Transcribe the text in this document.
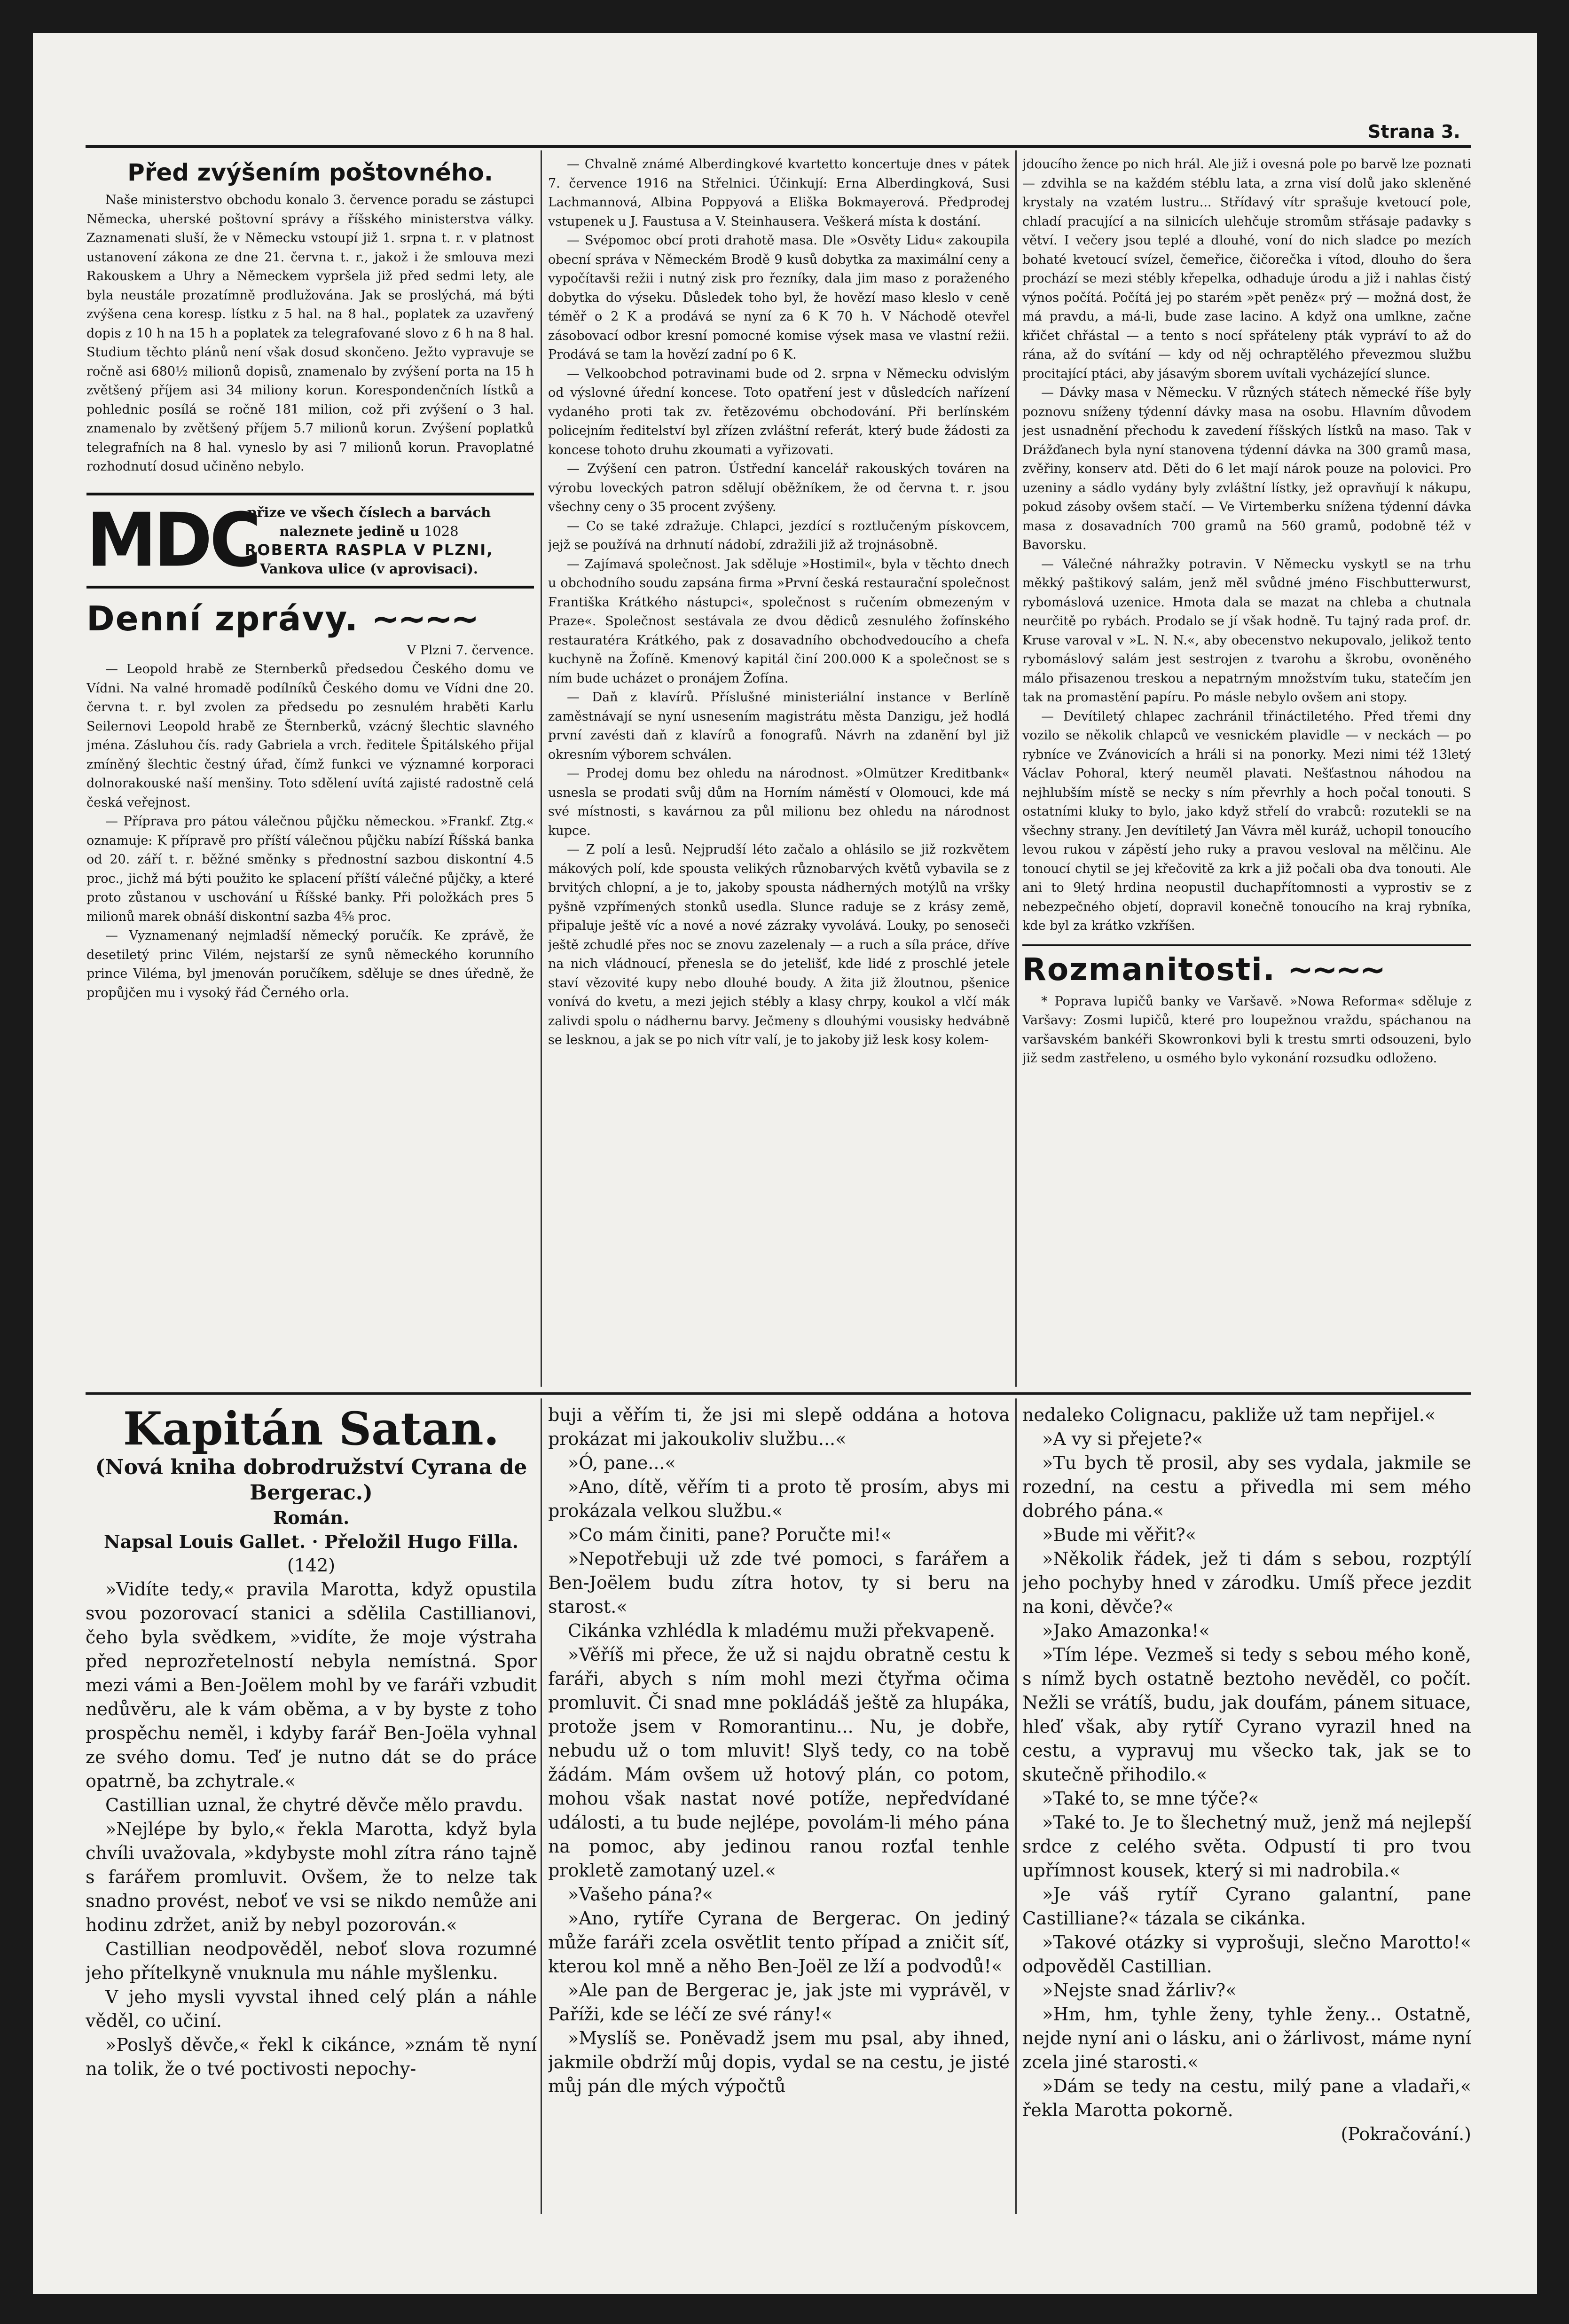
Strana 3.

Před zvýšením poštovného.

Naše ministerstvo obchodu konalo 3. července poradu se zástupci Německa, uherské poštovní správy a říšského ministerstva války. Zaznamenati sluší, že v Německu vstoupí již 1. srpna t. r. v platnost ustanovení zákona ze dne 21. června t. r., jakož i že smlouva mezi Rakouskem a Uhry a Německem vypršela již před sedmi lety, ale byla neustále prozatímně prodlužována. Jak se proslýchá, má býti zvýšena cena koresp. lístku z 5 hal. na 8 hal., poplatek za uzavřený dopis z 10 h na 15 h a poplatek za telegrafované slovo z 6 h na 8 hal. Studium těchto plánů není však dosud skončeno. Ježto vypravuje se ročně asi 680½ milionů dopisů, znamenalo by zvýšení porta na 15 h zvětšený příjem asi 34 miliony korun. Korespondenčních lístků a pohlednic posílá se ročně 181 milion, což při zvýšení o 3 hal. znamenalo by zvětšený příjem 5.7 milionů korun. Zvýšení poplatků telegrafních na 8 hal. vyneslo by asi 7 milionů korun. Pravoplatné rozhodnutí dosud učiněno nebylo.

MDC
přize ve všech číslech a barvách
naleznete jedině u 1028
ROBERTA RASPLA V PLZNI,
Vankova ulice (v aprovisaci).

Denní zprávy. ~~~~

V Plzni 7. července.

— Leopold hrabě ze Sternberků předsedou Českého domu ve Vídni. Na valné hromadě podílníků Českého domu ve Vídni dne 20. června t. r. byl zvolen za předsedu po zesnulém hraběti Karlu Seilernovi Leopold hrabě ze Šternberků, vzácný šlechtic slavného jména. Zásluhou čís. rady Gabriela a vrch. ředitele Špitálského přijal zmíněný šlechtic čestný úřad, čímž funkci ve významné korporaci dolnorakouské naší menšiny. Toto sdělení uvítá zajisté radostně celá česká veřejnost.

— Příprava pro pátou válečnou půjčku německou. »Frankf. Ztg.« oznamuje: K přípravě pro příští válečnou půjčku nabízí Říšská banka od 20. září t. r. běžné směnky s přednostní sazbou diskontní 4.5 proc., jichž má býti použito ke splacení příští válečné půjčky, a které proto zůstanou v uschování u Říšské banky. Při položkách pres 5 milionů marek obnáší diskontní sazba 4⅝ proc.

— Vyznamenaný nejmladší německý poručík. Ke zprávě, že desetiletý princ Vilém, nejstarší ze synů německého korunního prince Viléma, byl jmenován poručíkem, sděluje se dnes úředně, že propůjčen mu i vysoký řád Černého orla.

— Chvalně známé Alberdingkové kvartetto koncertuje dnes v pátek 7. července 1916 na Střelnici. Účinkují: Erna Alberdingková, Susi Lachmannová, Albina Poppyová a Eliška Bokmayerová. Předprodej vstupenek u J. Faustusa a V. Steinhausera. Veškerá místa k dostání.

— Svépomoc obcí proti drahotě masa. Dle »Osvěty Lidu« zakoupila obecní správa v Německém Brodě 9 kusů dobytka za maximální ceny a vypočítavši režii i nutný zisk pro řezníky, dala jim maso z poraženého dobytka do výseku. Důsledek toho byl, že hovězí maso kleslo v ceně téměř o 2 K a prodává se nyní za 6 K 70 h. V Náchodě otevřel zásobovací odbor kresní pomocné komise výsek masa ve vlastní režii. Prodává se tam la hovězí zadní po 6 K.

— Velkoobchod potravinami bude od 2. srpna v Německu odvislým od výslovné úřední koncese. Toto opatření jest v důsledcích nařízení vydaného proti tak zv. řetězovému obchodování. Při berlínském policejním ředitelství byl zřízen zvláštní referát, který bude žádosti za koncese tohoto druhu zkoumati a vyřizovati.

— Zvýšení cen patron. Ústřední kancelář rakouských továren na výrobu loveckých patron sdělují oběžníkem, že od června t. r. jsou všechny ceny o 35 procent zvýšeny.

— Co se také zdražuje. Chlapci, jezdící s roztlučeným pískovcem, jejž se používá na drhnutí nádobí, zdražili již až trojnásobně.

— Zajímavá společnost. Jak sděluje »Hostimil«, byla v těchto dnech u obchodního soudu zapsána firma »První česká restaurační společnost Františka Krátkého nástupci«, společnost s ručením obmezeným v Praze«. Společnost sestávala ze dvou dědiců zesnulého žofínského restauratéra Krátkého, pak z dosavadního obchodvedoucího a chefa kuchyně na Žofíně. Kmenový kapitál činí 200.000 K a společnost se s ním bude ucházet o pronájem Žofína.

— Daň z klavírů. Příslušné ministeriální instance v Berlíně zaměstnávají se nyní usnesením magistrátu města Danzigu, jež hodlá první zavésti daň z klavírů a fonografů. Návrh na zdanění byl již okresním výborem schválen.

— Prodej domu bez ohledu na národnost. »Olmützer Kreditbank« usnesla se prodati svůj dům na Horním náměstí v Olomouci, kde má své místnosti, s kavárnou za půl milionu bez ohledu na národnost kupce.

— Z polí a lesů. Nejprudší léto začalo a ohlásilo se již rozkvětem mákových polí, kde spousta velikých různobarvých květů vybavila se z brvitých chlopní, a je to, jakoby spousta nádherných motýlů na vršky pyšně vzpřímených stonků usedla. Slunce raduje se z krásy země, připaluje ještě víc a nové a nové zázraky vyvolává. Louky, po senoseči ještě zchudlé přes noc se znovu zazelenaly — a ruch a síla práce, dříve na nich vládnoucí, přenesla se do jetelišť, kde lidé z proschlé jetele staví vězovité kupy nebo dlouhé boudy. A žita již žloutnou, pšenice vonívá do kvetu, a mezi jejich stébly a klasy chrpy, koukol a vlčí mák zalivdi spolu o nádhernu barvy. Ječmeny s dlouhými vousisky hedvábně se lesknou, a jak se po nich vítr valí, je to jakoby již lesk kosy kolem-

jdoucího žence po nich hrál. Ale již i ovesná pole po barvě lze poznati — zdvihla se na každém stéblu lata, a zrna visí dolů jako skleněné krystaly na vzatém lustru... Střídavý vítr sprašuje kvetoucí pole, chladí pracující a na silnicích ulehčuje stromům střásaje padavky s větví. I večery jsou teplé a dlouhé, voní do nich sladce po mezích bohaté kvetoucí svízel, čemeřice, čičorečka i vítod, dlouho do šera prochází se mezi stébly křepelka, odhaduje úrodu a již i nahlas čistý výnos počítá. Počítá jej po starém »pět peněz« prý — možná dost, že má pravdu, a má-li, bude zase lacino. A když ona umlkne, začne křičet chřástal — a tento s nocí spřáteleny pták vypráví to až do rána, až do svítání — kdy od něj ochraptělého převezmou službu procitající ptáci, aby jásavým sborem uvítali vycházející slunce.

— Dávky masa v Německu. V různých státech německé říše byly poznovu sníženy týdenní dávky masa na osobu. Hlavním důvodem jest usnadnění přechodu k zavedení říšských lístků na maso. Tak v Drážďanech byla nyní stanovena týdenní dávka na 300 gramů masa, zvěřiny, konserv atd. Děti do 6 let mají nárok pouze na polovici. Pro uzeniny a sádlo vydány byly zvláštní lístky, jež opravňují k nákupu, pokud zásoby ovšem stačí. — Ve Virtemberku snížena týdenní dávka masa z dosavadních 700 gramů na 560 gramů, podobně též v Bavorsku.

— Válečné náhražky potravin. V Německu vyskytl se na trhu měkký paštikový salám, jenž měl svůdné jméno Fischbutterwurst, rybomáslová uzenice. Hmota dala se mazat na chleba a chutnala neurčitě po rybách. Prodalo se jí však hodně. Tu tajný rada prof. dr. Kruse varoval v »L. N. N.«, aby obecenstvo nekupovalo, jelikož tento rybomáslový salám jest sestrojen z tvarohu a škrobu, ovoněného málo přisazenou treskou a nepatrným množstvím tuku, statečím jen tak na promastění papíru. Po másle nebylo ovšem ani stopy.

— Devítiletý chlapec zachránil třináctiletého. Před třemi dny vozilo se několik chlapců ve vesnickém plavidle — v neckách — po rybníce ve Zvánovicích a hráli si na ponorky. Mezi nimi též 13letý Václav Pohoral, který neuměl plavati. Nešťastnou náhodou na nejhlubším místě se necky s ním převrhly a hoch počal tonouti. S ostatními kluky to bylo, jako když střelí do vrabců: rozutekli se na všechny strany. Jen devítiletý Jan Vávra měl kuráž, uchopil tonoucího levou rukou v zápěstí jeho ruky a pravou vesloval na mělčinu. Ale tonoucí chytil se jej křečovitě za krk a již počali oba dva tonouti. Ale ani to 9letý hrdina neopustil duchapřítomnosti a vyprostiv se z nebezpečného objetí, dopravil konečně tonoucího na kraj rybníka, kde byl za krátko vzkříšen.

Rozmanitosti. ~~~~

* Poprava lupičů banky ve Varšavě. »Nowa Reforma« sděluje z Varšavy: Zosmi lupičů, které pro loupežnou vraždu, spáchanou na varšavském bankéři Skowronkovi byli k trestu smrti odsouzeni, bylo již sedm zastřeleno, u osmého bylo vykonání rozsudku odloženo.

Kapitán Satan.

(Nová kniha dobrodružství Cyrana de Bergerac.)

Román.

Napsal Louis Gallet. · Přeložil Hugo Filla.

(142)

»Vidíte tedy,« pravila Marotta, když opustila svou pozorovací stanici a sdělila Castillianovi, čeho byla svědkem, »vidíte, že moje výstraha před neprozřetelností nebyla nemístná. Spor mezi vámi a Ben-Joëlem mohl by ve faráři vzbudit nedůvěru, ale k vám oběma, a v by byste z toho prospěchu neměl, i kdyby farář Ben-Joëla vyhnal ze svého domu. Teď je nutno dát se do práce opatrně, ba zchytrale.«

Castillian uznal, že chytré děvče mělo pravdu.

»Nejlépe by bylo,« řekla Marotta, když byla chvíli uvažovala, »kdybyste mohl zítra ráno tajně s farářem promluvit. Ovšem, že to nelze tak snadno provést, neboť ve vsi se nikdo nemůže ani hodinu zdržet, aniž by nebyl pozorován.«

Castillian neodpověděl, neboť slova rozumné jeho přítelkyně vnuknula mu náhle myšlenku.

V jeho mysli vyvstal ihned celý plán a náhle věděl, co učiní.

»Poslyš děvče,« řekl k cikánce, »znám tě nyní na tolik, že o tvé poctivosti nepochy-

buji a věřím ti, že jsi mi slepě oddána a hotova prokázat mi jakoukoliv službu...«

»Ó, pane...«

»Ano, dítě, věřím ti a proto tě prosím, abys mi prokázala velkou službu.«

»Co mám činiti, pane? Poručte mi!«

»Nepotřebuji už zde tvé pomoci, s farářem a Ben-Joëlem budu zítra hotov, ty si beru na starost.«

Cikánka vzhlédla k mladému muži překvapeně.

»Věříš mi přece, že už si najdu obratně cestu k faráři, abych s ním mohl mezi čtyřma očima promluvit. Či snad mne pokládáš ještě za hlupáka, protože jsem v Romorantinu... Nu, je dobře, nebudu už o tom mluvit! Slyš tedy, co na tobě žádám. Mám ovšem už hotový plán, co potom, mohou však nastat nové potíže, nepředvídané události, a tu bude nejlépe, povolám-li mého pána na pomoc, aby jedinou ranou rozťal tenhle prokletě zamotaný uzel.«

»Vašeho pána?«

»Ano, rytíře Cyrana de Bergerac. On jediný může faráři zcela osvětlit tento případ a zničit síť, kterou kol mně a něho Ben-Joël ze lží a podvodů!«

»Ale pan de Bergerac je, jak jste mi vyprávěl, v Paříži, kde se léčí ze své rány!«

»Myslíš se. Poněvadž jsem mu psal, aby ihned, jakmile obdrží můj dopis, vydal se na cestu, je jisté můj pán dle mých výpočtů

nedaleko Colignacu, pakliže už tam nepřijel.«

»A vy si přejete?«

»Tu bych tě prosil, aby ses vydala, jakmile se rozední, na cestu a přivedla mi sem mého dobrého pána.«

»Bude mi věřit?«

»Několik řádek, jež ti dám s sebou, rozptýlí jeho pochyby hned v zárodku. Umíš přece jezdit na koni, děvče?«

»Jako Amazonka!«

»Tím lépe. Vezmeš si tedy s sebou mého koně, s nímž bych ostatně beztoho nevěděl, co počít. Nežli se vrátíš, budu, jak doufám, pánem situace, hleď však, aby rytíř Cyrano vyrazil hned na cestu, a vypravuj mu všecko tak, jak se to skutečně přihodilo.«

»Také to, se mne týče?«

»Také to. Je to šlechetný muž, jenž má nejlepší srdce z celého světa. Odpustí ti pro tvou upřímnost kousek, který si mi nadrobila.«

»Je váš rytíř Cyrano galantní, pane Castilliane?« tázala se cikánka.

»Takové otázky si vyprošuji, slečno Marotto!« odpověděl Castillian.

»Nejste snad žárliv?«

»Hm, hm, tyhle ženy, tyhle ženy... Ostatně, nejde nyní ani o lásku, ani o žárlivost, máme nyní zcela jiné starosti.«

»Dám se tedy na cestu, milý pane a vladaři,« řekla Marotta pokorně.

(Pokračování.)
